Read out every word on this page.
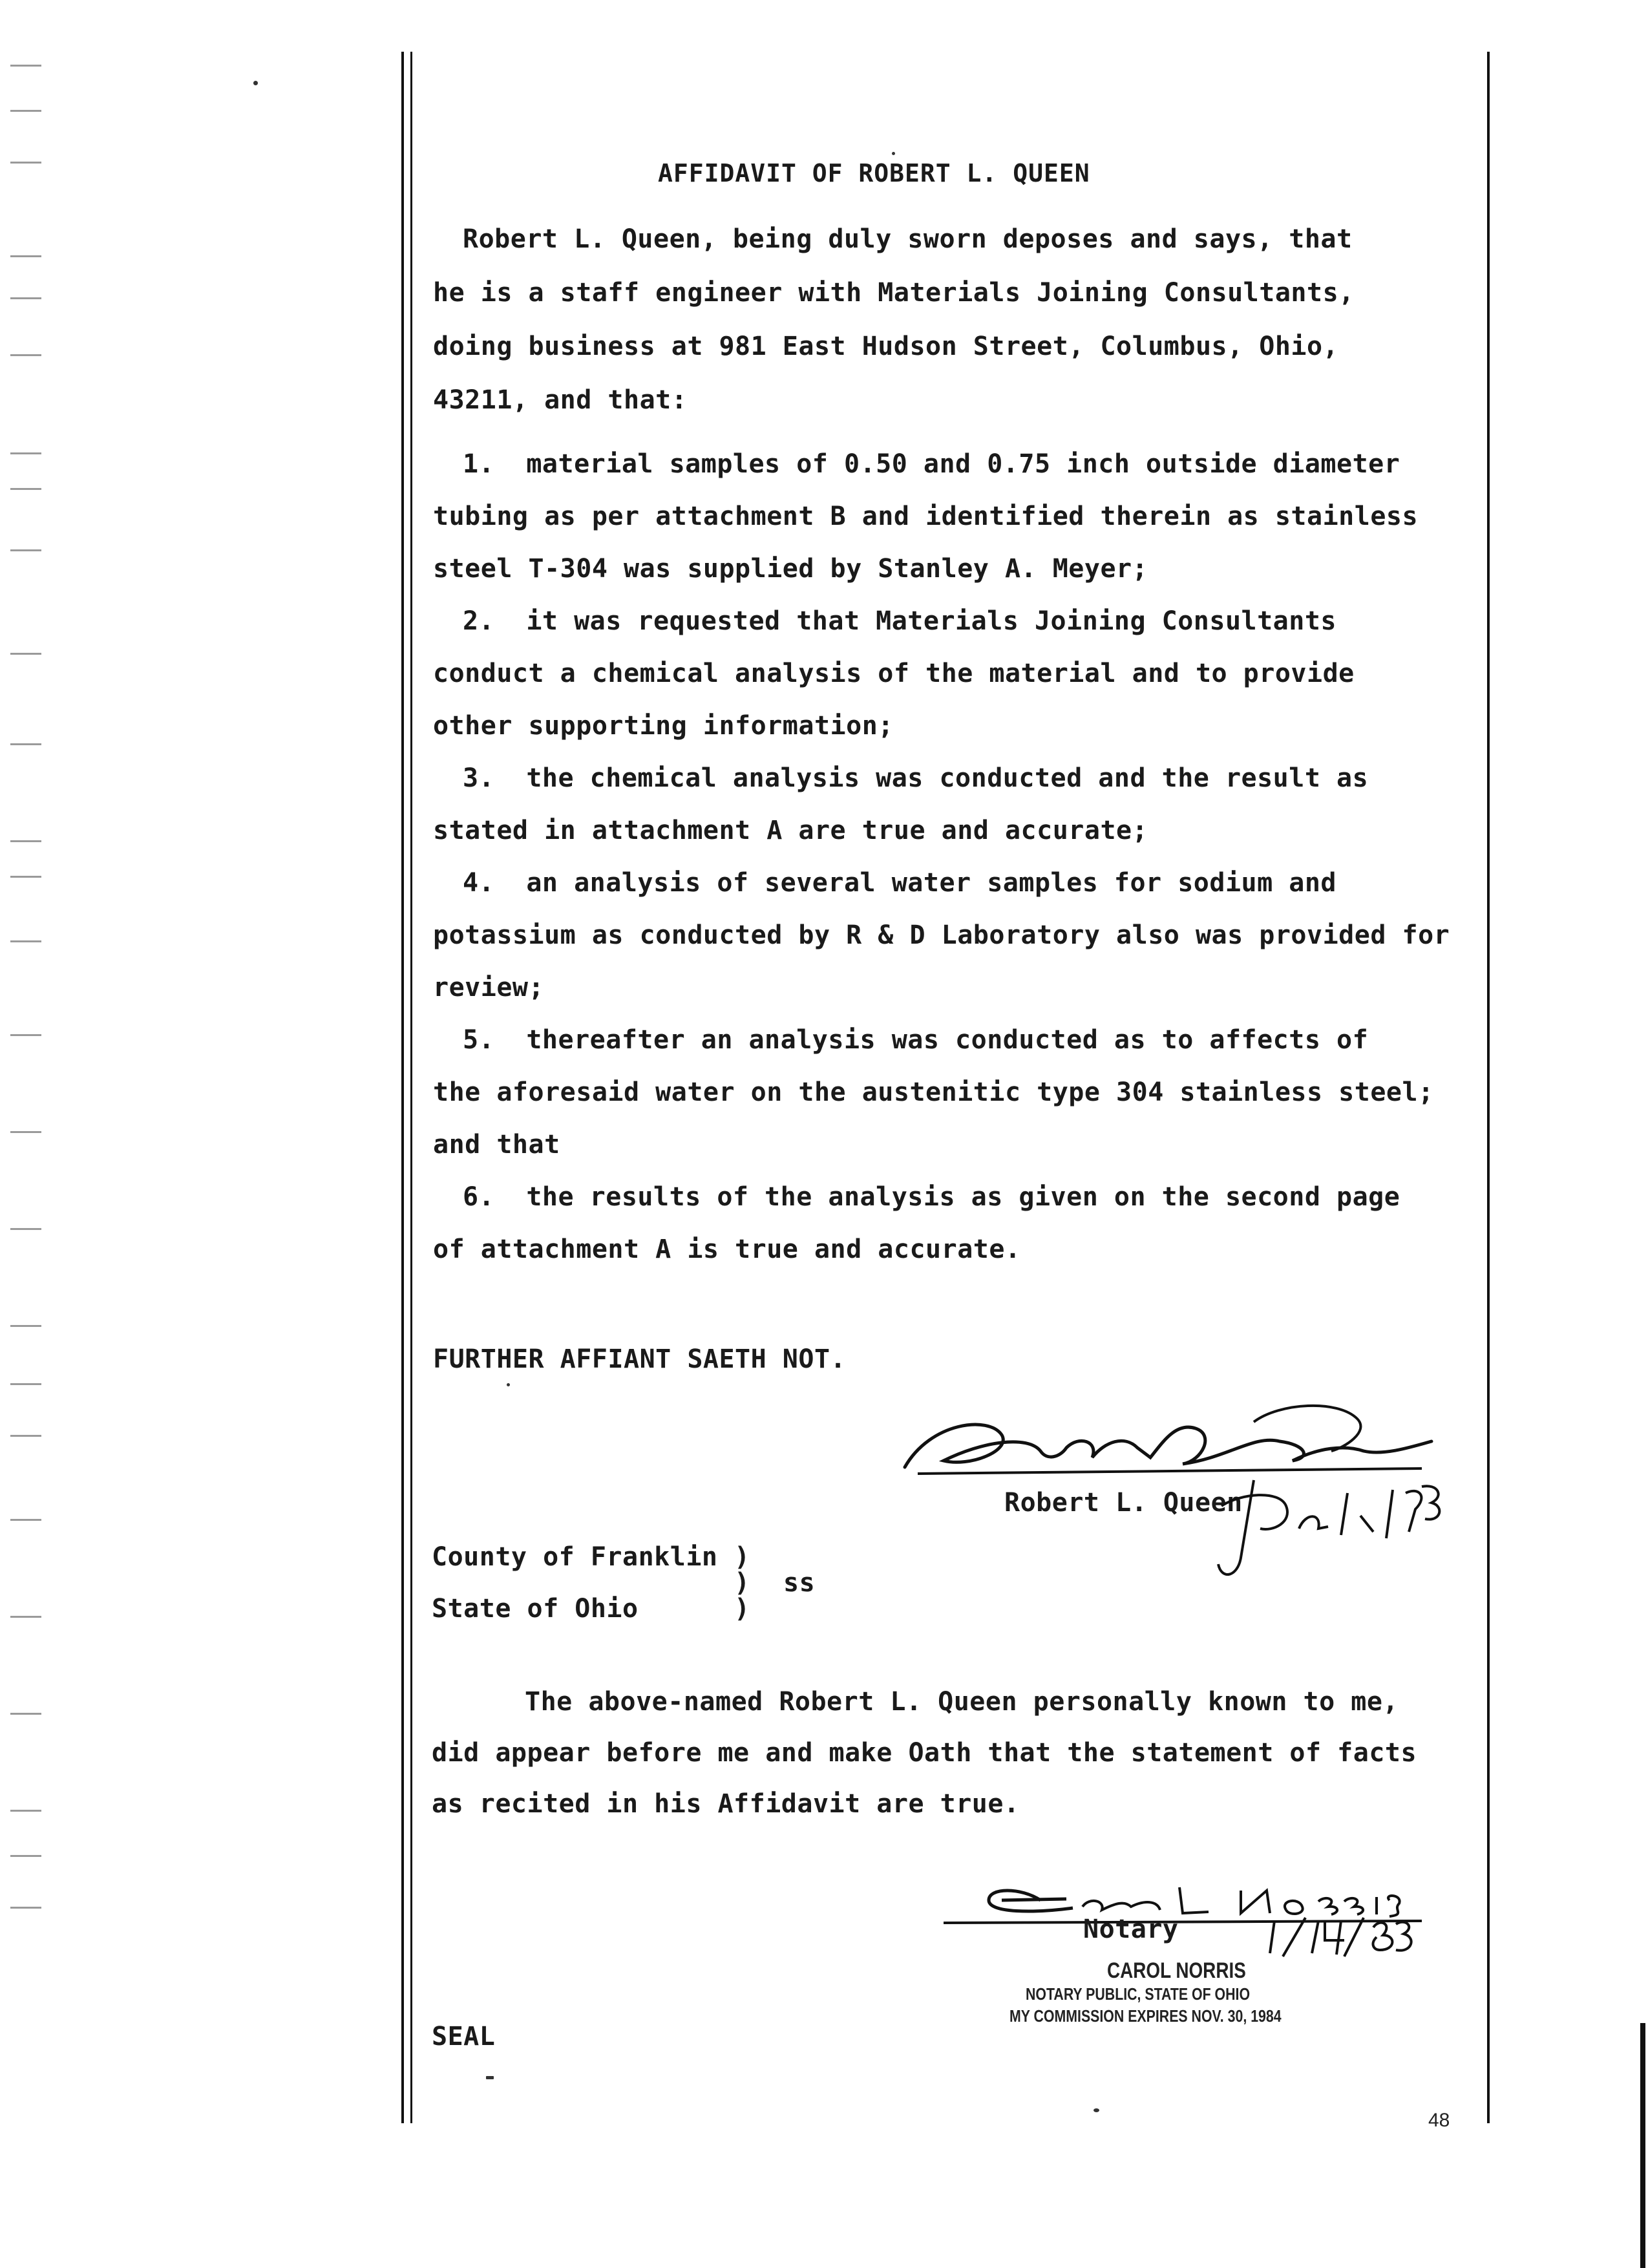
AFFIDAVIT OF ROBERT L. QUEEN
Robert L. Queen, being duly sworn deposes and says, that
he is a staff engineer with Materials Joining Consultants,
doing business at 981 East Hudson Street, Columbus, Ohio,
43211, and that:
1.  material samples of 0.50 and 0.75 inch outside diameter
tubing as per attachment B and identified therein as stainless
steel T-304 was supplied by Stanley A. Meyer;
2.  it was requested that Materials Joining Consultants
conduct a chemical analysis of the material and to provide
other supporting information;
3.  the chemical analysis was conducted and the result as
stated in attachment A are true and accurate;
4.  an analysis of several water samples for sodium and
potassium as conducted by R & D Laboratory also was provided for
review;
5.  thereafter an analysis was conducted as to affects of
the aforesaid water on the austenitic type 304 stainless steel;
and that
6.  the results of the analysis as given on the second page
of attachment A is true and accurate.
FURTHER AFFIANT SAETH NOT.
Robert L. Queen
County of Franklin )
) ss
State of Ohio	)
The above-named Robert L. Queen personally known to me,
did appear before me and make Oath that the statement of facts
as recited in his Affidavit are true.
Notary
CAROL NORRIS
NOTARY PUBLIC, STATE OF OHIO
MY COMMISSION EXPIRES NOV. 30, 1984
SEAL
48
